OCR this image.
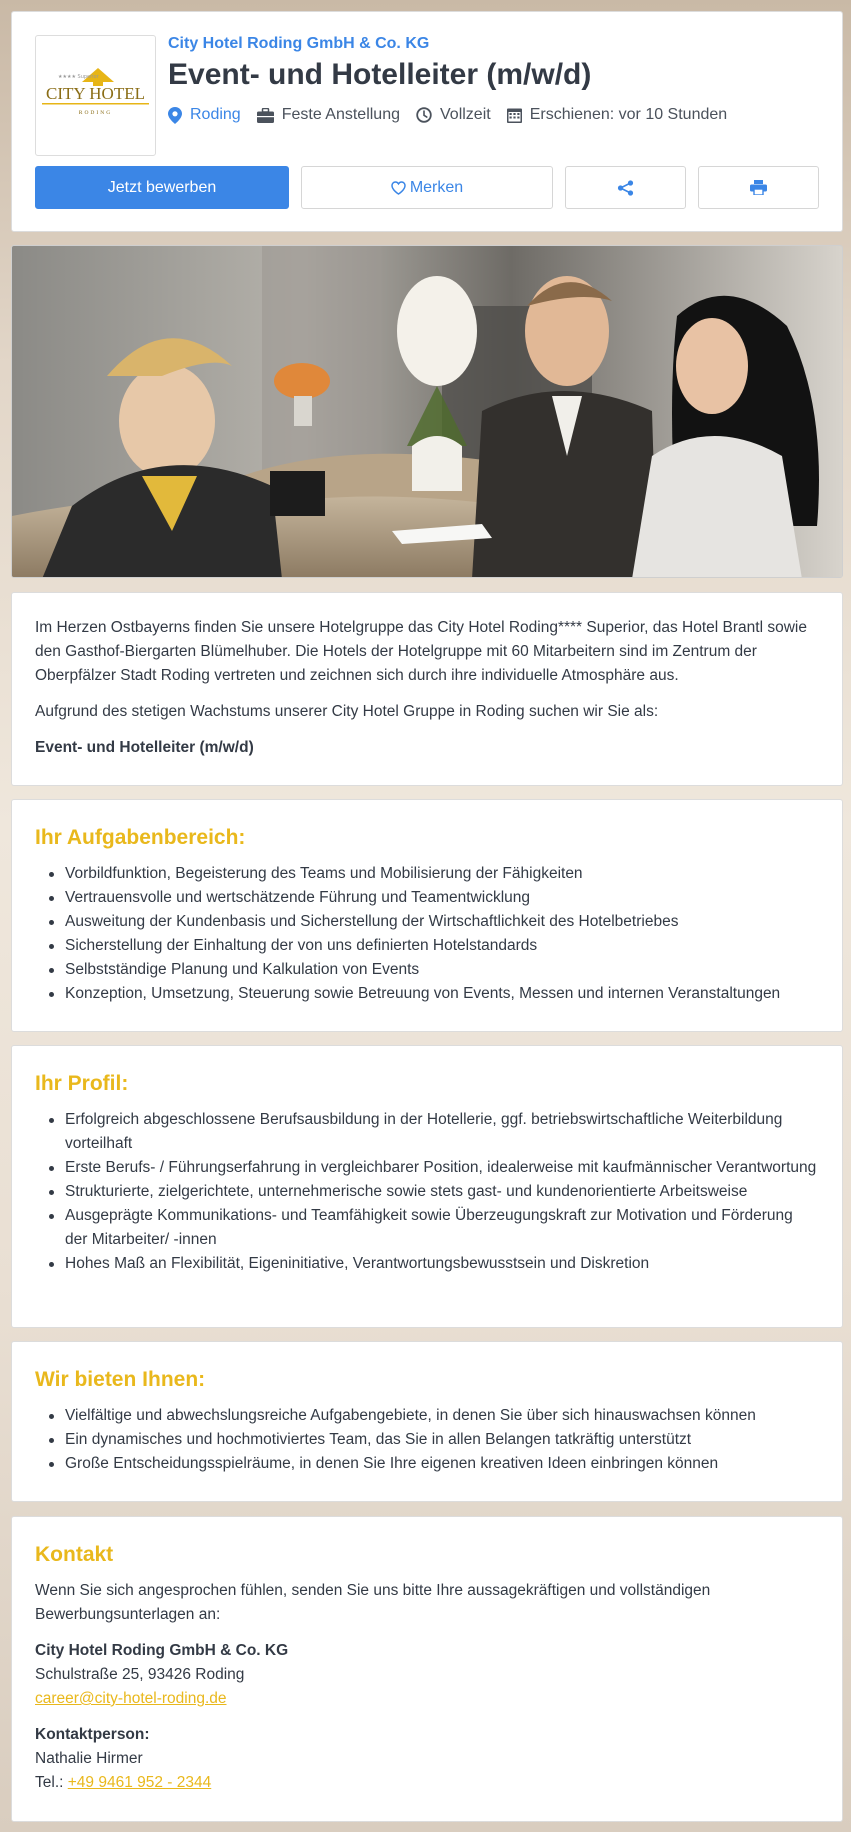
★★★★ Superior
CITY HOTEL
RODING
City Hotel Roding GmbH & Co. KG
Event- und Hotelleiter (m/w/d)
Roding	Feste Anstellung	Vollzeit Erschienen: vor 10 Stunden
Jetzt bewerben	Merken

Im Herzen Ostbayerns finden Sie unsere Hotelgruppe das City Hotel Roding**** Superior, das Hotel Brantl sowie den Gasthof-Biergarten Blümelhuber. Die Hotels der Hotelgruppe mit 60 Mitarbeitern sind im Zentrum der Oberpfälzer Stadt Roding vertreten und zeichnen sich durch ihre individuelle Atmosphäre aus.

Aufgrund des stetigen Wachstums unserer City Hotel Gruppe in Roding suchen wir Sie als:

Event- und Hotelleiter (m/w/d)

Ihr Aufgabenbereich:
Vorbildfunktion, Begeisterung des Teams und Mobilisierung der Fähigkeiten
Vertrauensvolle und wertschätzende Führung und Teamentwicklung
Ausweitung der Kundenbasis und Sicherstellung der Wirtschaftlichkeit des Hotelbetriebes
Sicherstellung der Einhaltung der von uns definierten Hotelstandards
Selbstständige Planung und Kalkulation von Events
Konzeption, Umsetzung, Steuerung sowie Betreuung von Events, Messen und internen Veranstaltungen
Ihr Profil:
Erfolgreich abgeschlossene Berufsausbildung in der Hotellerie, ggf. betriebswirtschaftliche Weiterbildung vorteilhaft
Erste Berufs- / Führungserfahrung in vergleichbarer Position, idealerweise mit kaufmännischer Verantwortung
Strukturierte, zielgerichtete, unternehmerische sowie stets gast- und kundenorientierte Arbeitsweise
Ausgeprägte Kommunikations- und Teamfähigkeit sowie Überzeugungskraft zur Motivation und Förderung der Mitarbeiter/ -innen
Hohes Maß an Flexibilität, Eigeninitiative, Verantwortungsbewusstsein und Diskretion
Wir bieten Ihnen:
Vielfältige und abwechslungsreiche Aufgabengebiete, in denen Sie über sich hinauswachsen können
Ein dynamisches und hochmotiviertes Team, das Sie in allen Belangen tatkräftig unterstützt
Große Entscheidungsspielräume, in denen Sie Ihre eigenen kreativen Ideen einbringen können
Kontakt

Wenn Sie sich angesprochen fühlen, senden Sie uns bitte Ihre aussagekräftigen und vollständigen Bewerbungsunterlagen an:

City Hotel Roding GmbH & Co. KG
Schulstraße 25, 93426 Roding
career@city-hotel-roding.de

Kontaktperson:
Nathalie Hirmer
Tel.: +49 9461 952 - 2344
